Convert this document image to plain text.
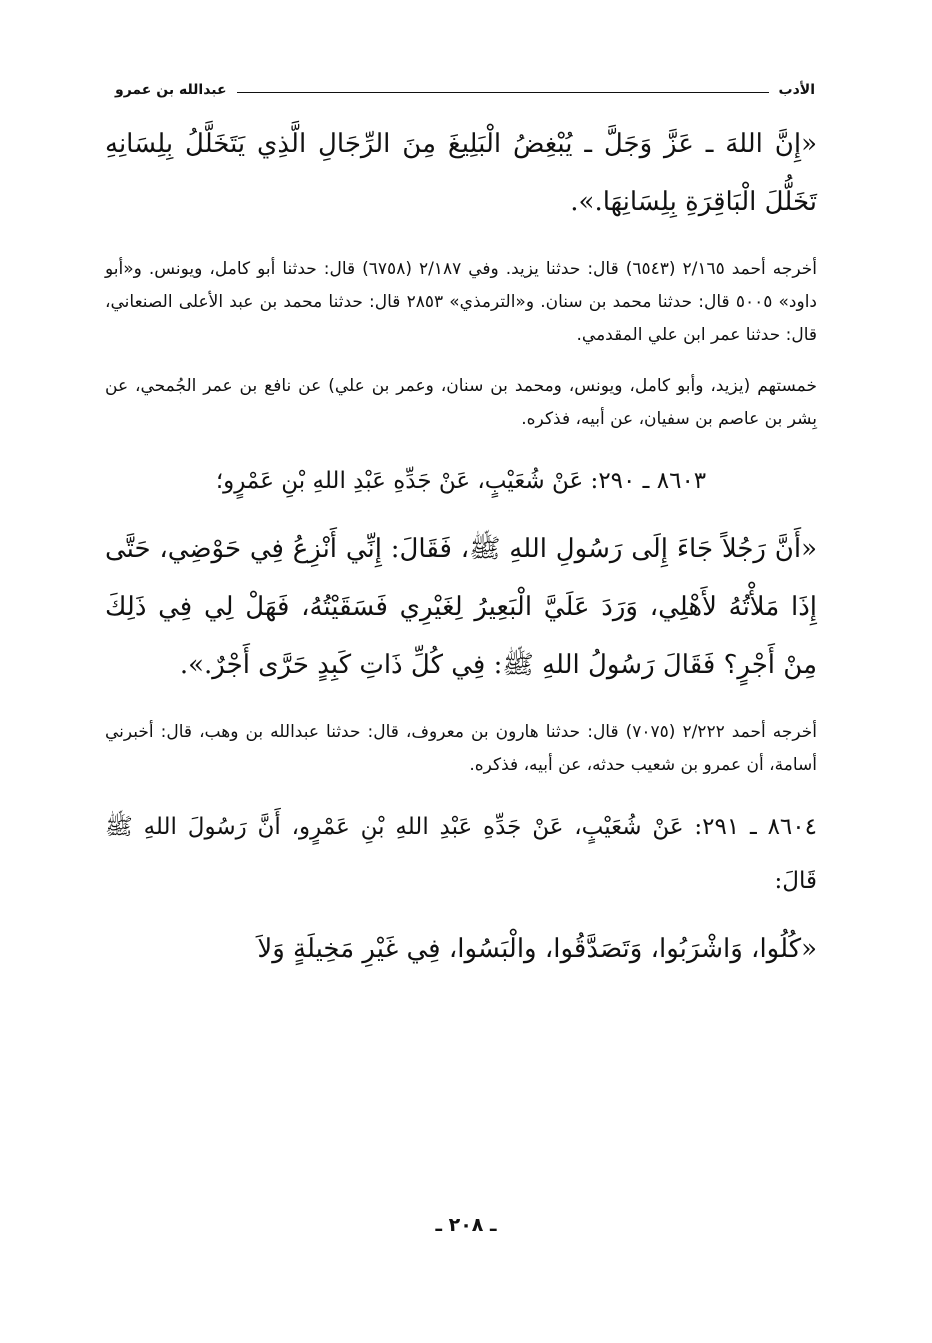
الأدب
عبدالله بن عمرو

«إِنَّ اللهَ ـ عَزَّ وَجَلَّ ـ يُبْغِضُ الْبَلِيغَ مِنَ الرِّجَالِ الَّذِي يَتَخَلَّلُ بِلِسَانِهِ تَخَلُّلَ الْبَاقِرَةِ بِلِسَانِهَا.».

أخرجه أحمد ٢/١٦٥ (٦٥٤٣) قال: حدثنا يزيد. وفي ٢/١٨٧ (٦٧٥٨) قال: حدثنا أبو كامل، ويونس. و«أبو داود» ٥٠٠٥ قال: حدثنا محمد بن سنان. و«الترمذي» ٢٨٥٣ قال: حدثنا محمد بن عبد الأعلى الصنعاني، قال: حدثنا عمر ابن علي المقدمي.

خمستهم (يزيد، وأبو كامل، ويونس، ومحمد بن سنان، وعمر بن علي) عن نافع بن عمر الجُمحي، عن بِشر بن عاصم بن سفيان، عن أبيه، فذكره.

٨٦٠٣ ـ ٢٩٠: عَنْ شُعَيْبٍ، عَنْ جَدِّهِ عَبْدِ اللهِ بْنِ عَمْرٍو؛

«أَنَّ رَجُلاً جَاءَ إِلَى رَسُولِ اللهِ ﷺ، فَقَالَ: إِنِّي أَنْزِعُ فِي حَوْضِي، حَتَّى إِذَا مَلأْتُهُ لأَهْلِي، وَرَدَ عَلَيَّ الْبَعِيرُ لِغَيْرِي فَسَقَيْتُهُ، فَهَلْ لِي فِي ذَلِكَ مِنْ أَجْرٍ؟ فَقَالَ رَسُولُ اللهِ ﷺ: فِي كُلِّ ذَاتِ كَبِدٍ حَرَّى أَجْرٌ.».

أخرجه أحمد ٢/٢٢٢ (٧٠٧٥) قال: حدثنا هارون بن معروف، قال: حدثنا عبدالله بن وهب، قال: أخبرني أسامة، أن عمرو بن شعيب حدثه، عن أبيه، فذكره.

٨٦٠٤ ـ ٢٩١: عَنْ شُعَيْبٍ، عَنْ جَدِّهِ عَبْدِ اللهِ بْنِ عَمْرٍو، أَنَّ رَسُولَ اللهِ ﷺ قَالَ:

«كُلُوا، وَاشْرَبُوا، وَتَصَدَّقُوا، والْبَسُوا، فِي غَيْرِ مَخِيلَةٍ وَلاَ

ـ ٢٠٨ ـ
